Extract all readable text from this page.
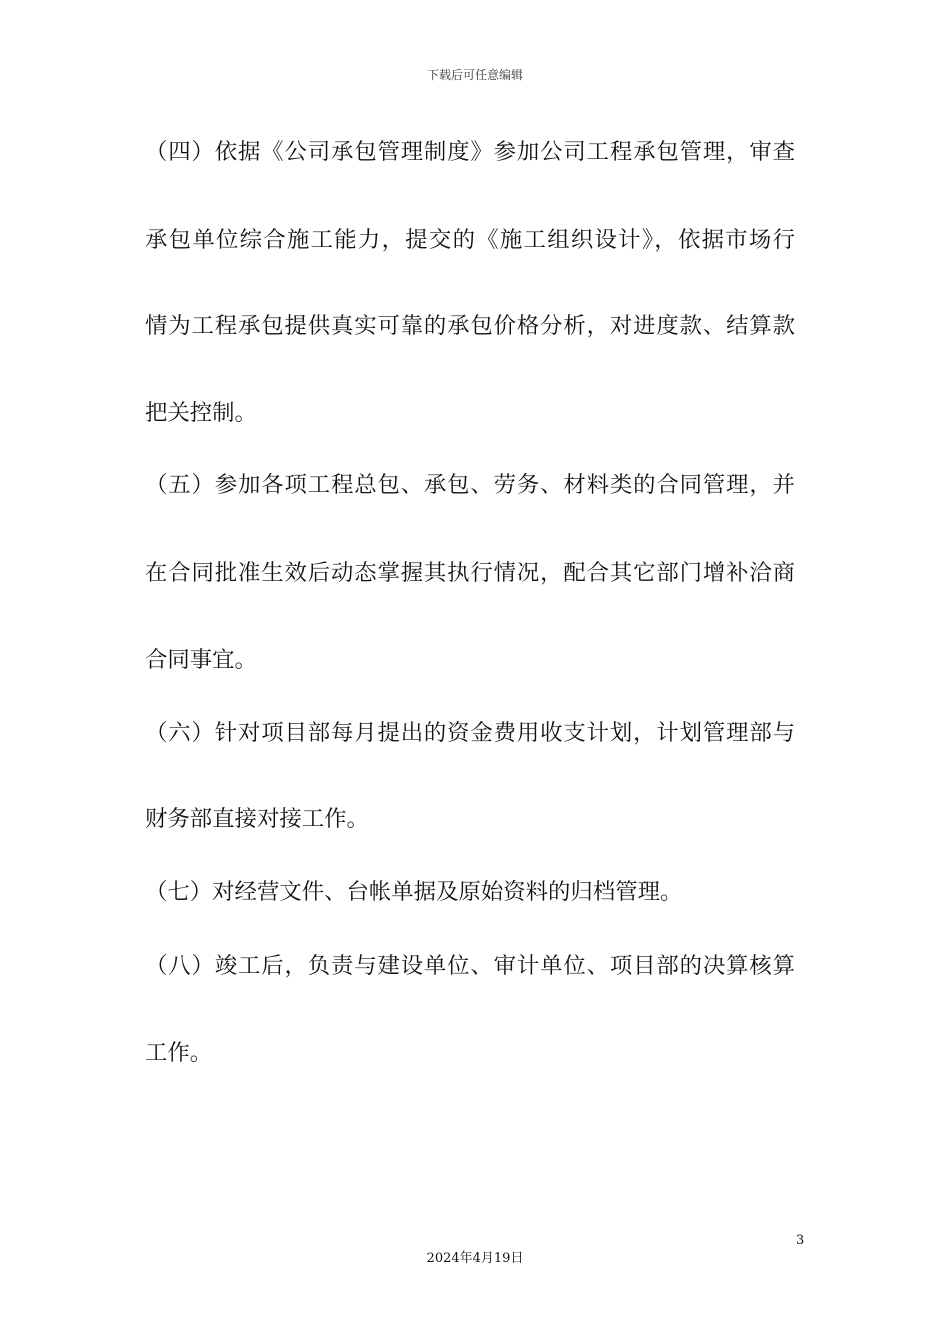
下载后可任意编辑
（四）依据《公司承包管理制度》参加公司工程承包管理，审查
承包单位综合施工能力，提交的《施工组织设计》，依据市场行
情为工程承包提供真实可靠的承包价格分析，对进度款、结算款
把关控制。
（五）参加各项工程总包、承包、劳务、材料类的合同管理，并
在合同批准生效后动态掌握其执行情况，配合其它部门增补洽商
合同事宜。
（六）针对项目部每月提出的资金费用收支计划，计划管理部与
财务部直接对接工作。
（七）对经营文件、台帐单据及原始资料的归档管理。
（八）竣工后，负责与建设单位、审计单位、项目部的决算核算
工作。
3
2024年4月19日
